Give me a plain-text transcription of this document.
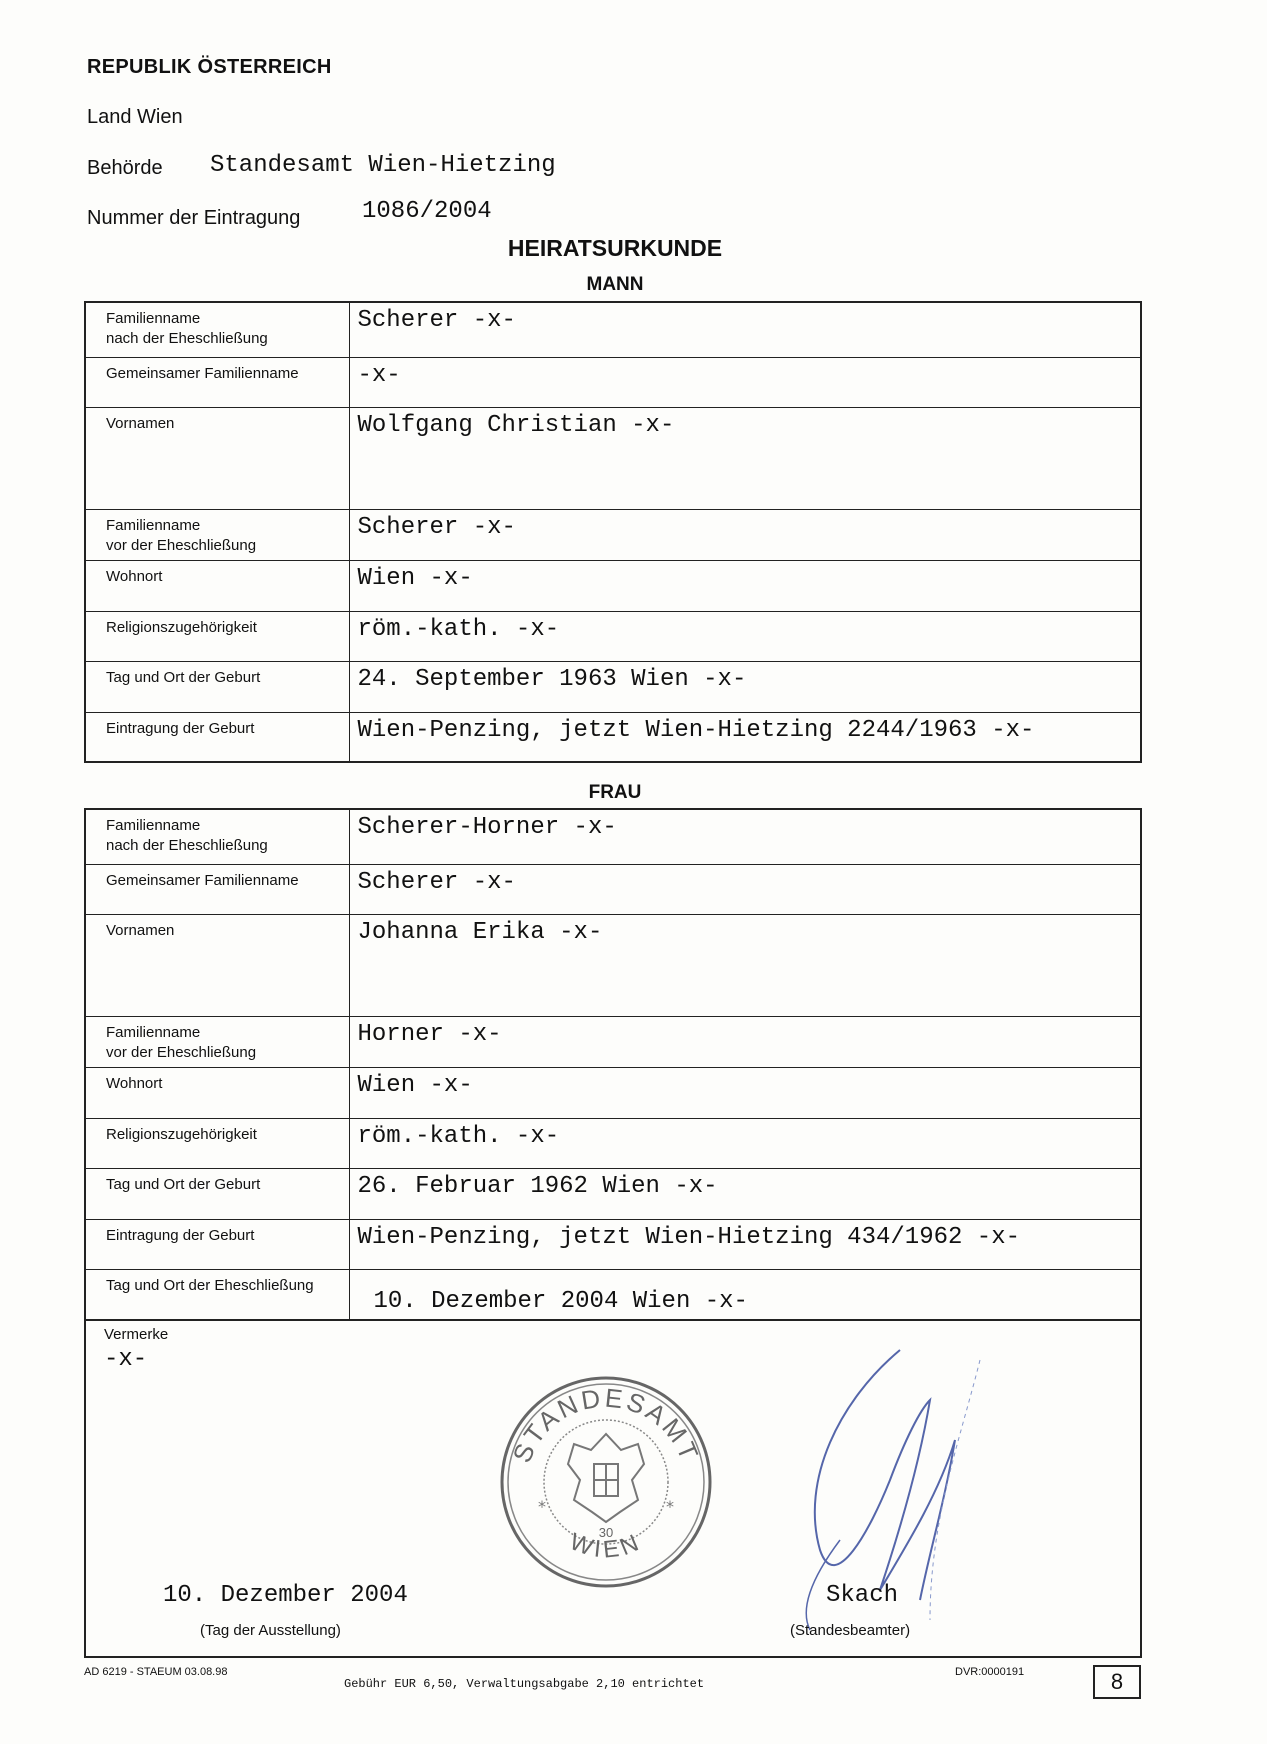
REPUBLIK ÖSTERREICH
Land Wien
Behörde Standesamt Wien-Hietzing
Nummer der Eintragung	1086/2004
HEIRATSURKUNDE
MANN
Familienname
nach der Eheschließung	Scherer -x-
Gemeinsamer Familienname	-x-
Vornamen	Wolfgang Christian -x-
Familienname
vor der Eheschließung	Scherer -x-
Wohnort	Wien -x-
Religionszugehörigkeit	röm.-kath. -x-
Tag und Ort der Geburt	24. September 1963 Wien -x-
Eintragung der Geburt	Wien-Penzing, jetzt Wien-Hietzing 2244/1963 -x-
FRAU
Familienname
nach der Eheschließung	Scherer-Horner -x-
Gemeinsamer Familienname	Scherer -x-
Vornamen	Johanna Erika -x-
Familienname
vor der Eheschließung	Horner -x-
Wohnort	Wien -x-
Religionszugehörigkeit	röm.-kath. -x-
Tag und Ort der Geburt	26. Februar 1962 Wien -x-
Eintragung der Geburt	Wien-Penzing, jetzt Wien-Hietzing 434/1962 -x-
Tag und Ort der Eheschließung	10. Dezember 2004 Wien -x-
Vermerke
-x-
STANDESAMT
WIEN
*	*
30
10. Dezember 2004
(Tag der Ausstellung)
Skach
(Standesbeamter)
AD 6219 - STAEUM 03.08.98
Gebühr EUR 6,50, Verwaltungsabgabe 2,10 entrichtet
DVR:0000191	8
